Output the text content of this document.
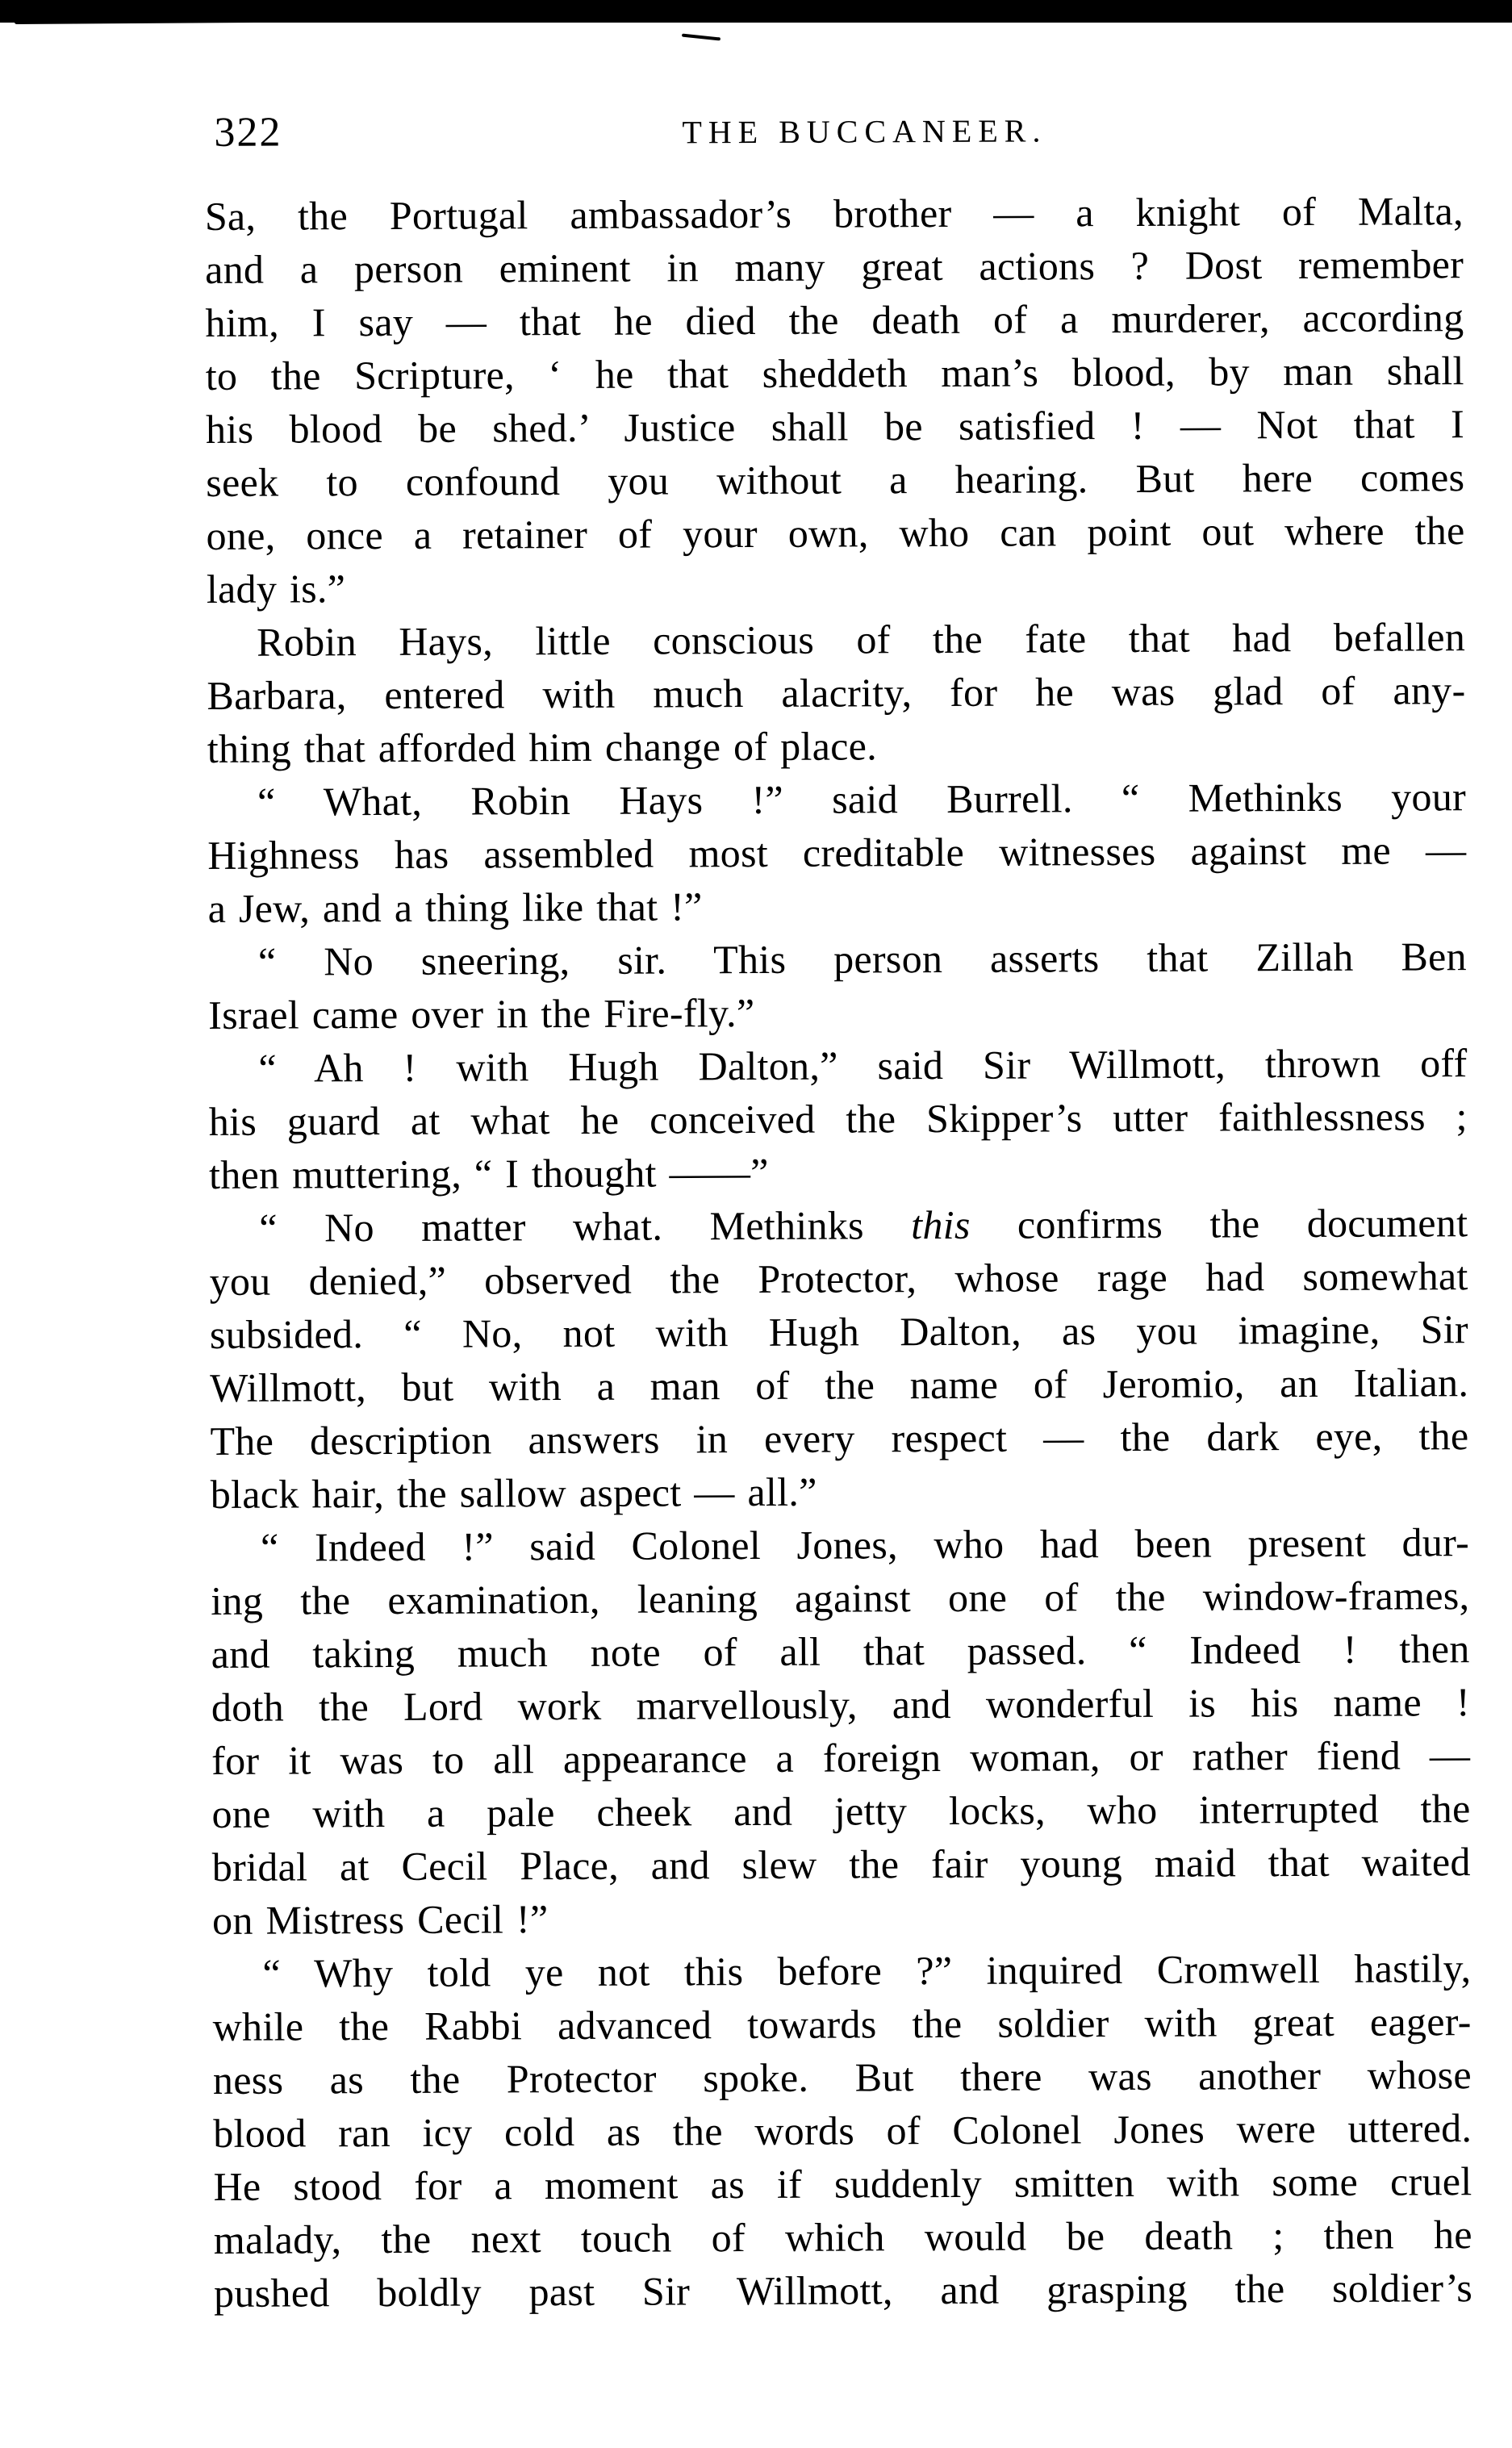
322	THE BUCCANEER.
Sa, the Portugal ambassador’s brother — a knight of Malta,
and a person eminent in many great actions ? Dost remember
him, I say — that he died the death of a murderer, according
to the Scripture, ‘ he that sheddeth man’s blood, by man shall
his blood be shed.’ Justice shall be satisfied ! — Not that I
seek to confound you without a hearing. But here comes
one, once a retainer of your own, who can point out where the
lady is.”
Robin Hays, little conscious of the fate that had befallen
Barbara, entered with much alacrity, for he was glad of any-
thing that afforded him change of place.
“ What, Robin Hays !” said Burrell. “ Methinks your
Highness has assembled most creditable witnesses against me —
a Jew, and a thing like that !”
“ No sneering, sir. This person asserts that Zillah Ben
Israel came over in the Fire-fly.”
“ Ah ! with Hugh Dalton,” said Sir Willmott, thrown off
his guard at what he conceived the Skipper’s utter faithlessness ;
then muttering, “ I thought ——”
“ No matter what. Methinks this confirms the document
you denied,” observed the Protector, whose rage had somewhat
subsided. “ No, not with Hugh Dalton, as you imagine, Sir
Willmott, but with a man of the name of Jeromio, an Italian.
The description answers in every respect — the dark eye, the
black hair, the sallow aspect — all.”
“ Indeed !” said Colonel Jones, who had been present dur-
ing the examination, leaning against one of the window-frames,
and taking much note of all that passed. “ Indeed ! then
doth the Lord work marvellously, and wonderful is his name !
for it was to all appearance a foreign woman, or rather fiend —
one with a pale cheek and jetty locks, who interrupted the
bridal at Cecil Place, and slew the fair young maid that waited
on Mistress Cecil !”
“ Why told ye not this before ?” inquired Cromwell hastily,
while the Rabbi advanced towards the soldier with great eager-
ness as the Protector spoke. But there was another whose
blood ran icy cold as the words of Colonel Jones were uttered.
He stood for a moment as if suddenly smitten with some cruel
malady, the next touch of which would be death ; then he
pushed boldly past Sir Willmott, and grasping the soldier’s
